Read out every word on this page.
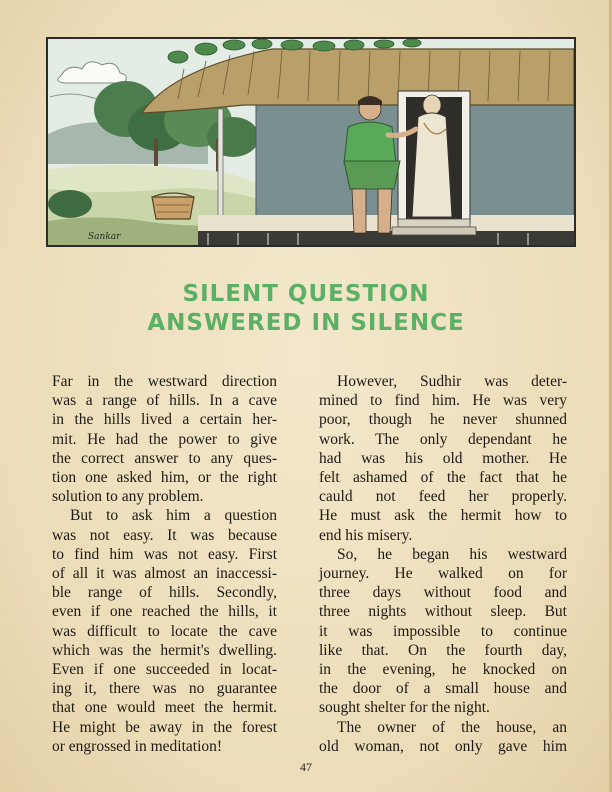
Sankar
SILENT QUESTION
ANSWERED IN SILENCE

Far in the westward direction
was a range of hills. In a cave
in the hills lived a certain her-
mit. He had the power to give
the correct answer to any ques-
tion one asked him, or the right
solution to any problem.

But to ask him a question
was not easy. It was because
to find him was not easy. First
of all it was almost an inaccessi-
ble range of hills. Secondly,
even if one reached the hills, it
was difficult to locate the cave
which was the hermit's dwelling.
Even if one succeeded in locat-
ing it, there was no guarantee
that one would meet the hermit.
He might be away in the forest
or engrossed in meditation!

However, Sudhir was deter-
mined to find him. He was very
poor, though he never shunned
work. The only dependant he
had was his old mother. He
felt ashamed of the fact that he
cauld not feed her properly.
He must ask the hermit how to
end his misery.

So, he began his westward
journey. He walked on for
three days without food and
three nights without sleep. But
it was impossible to continue
like that. On the fourth day,
in the evening, he knocked on
the door of a small house and
sought shelter for the night.

The owner of the house, an
old woman, not only gave him

47
